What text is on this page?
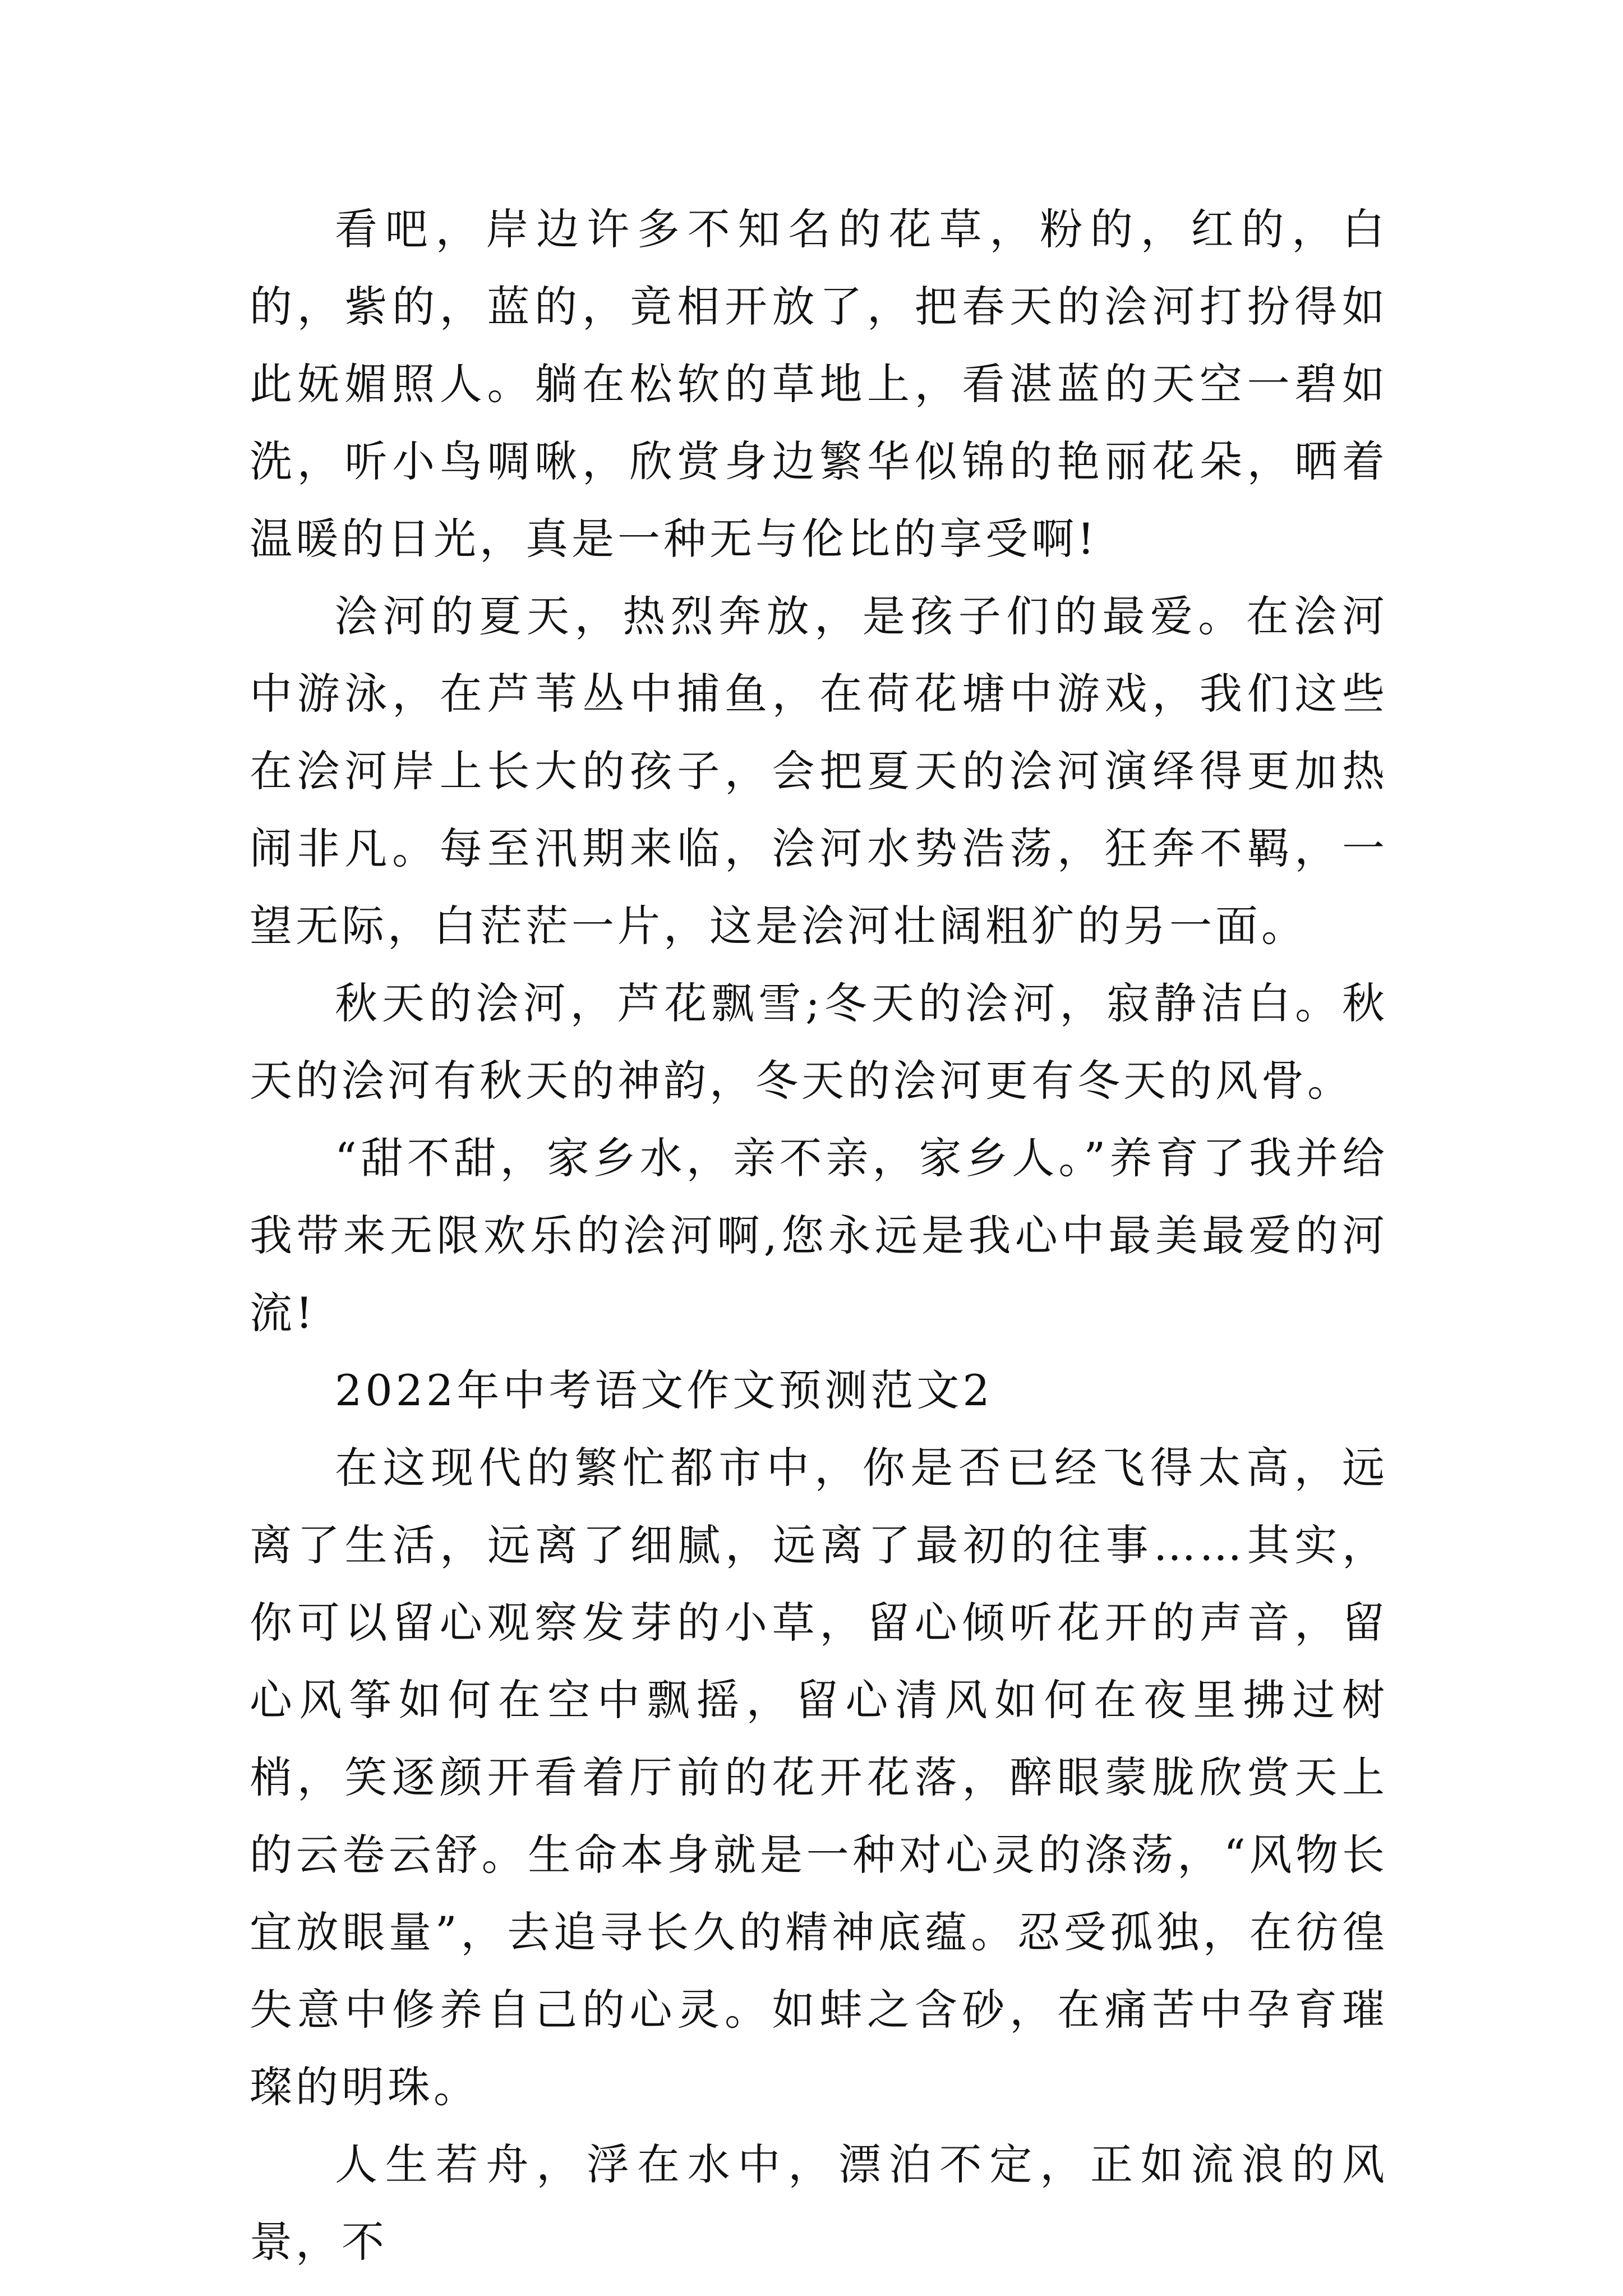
看吧，岸边许多不知名的花草，粉的，红的，白的，紫的，蓝的，竟相开放了，把春天的浍河打扮得如此妩媚照人。躺在松软的草地上，看湛蓝的天空一碧如洗，听小鸟啁啾，欣赏身边繁华似锦的艳丽花朵，晒着温暖的日光，真是一种无与伦比的享受啊!

浍河的夏天，热烈奔放，是孩子们的最爱。在浍河中游泳，在芦苇丛中捕鱼，在荷花塘中游戏，我们这些在浍河岸上长大的孩子，会把夏天的浍河演绎得更加热闹非凡。每至汛期来临，浍河水势浩荡，狂奔不羁，一望无际，白茫茫一片，这是浍河壮阔粗犷的另一面。

秋天的浍河，芦花飘雪;冬天的浍河，寂静洁白。秋天的浍河有秋天的神韵，冬天的浍河更有冬天的风骨。

“甜不甜，家乡水，亲不亲，家乡人。”养育了我并给我带来无限欢乐的浍河啊,您永远是我心中最美最爱的河流!

2022年中考语文作文预测范文2

在这现代的繁忙都市中，你是否已经飞得太高，远离了生活，远离了细腻，远离了最初的往事……其实，你可以留心观察发芽的小草，留心倾听花开的声音，留心风筝如何在空中飘摇，留心清风如何在夜里拂过树梢，笑逐颜开看着厅前的花开花落，醉眼蒙胧欣赏天上的云卷云舒。生命本身就是一种对心灵的涤荡，“风物长宜放眼量”，去追寻长久的精神底蕴。忍受孤独，在彷徨失意中修养自己的心灵。如蚌之含砂，在痛苦中孕育璀璨的明珠。

人生若舟，浮在水中，漂泊不定，正如流浪的风景，不
